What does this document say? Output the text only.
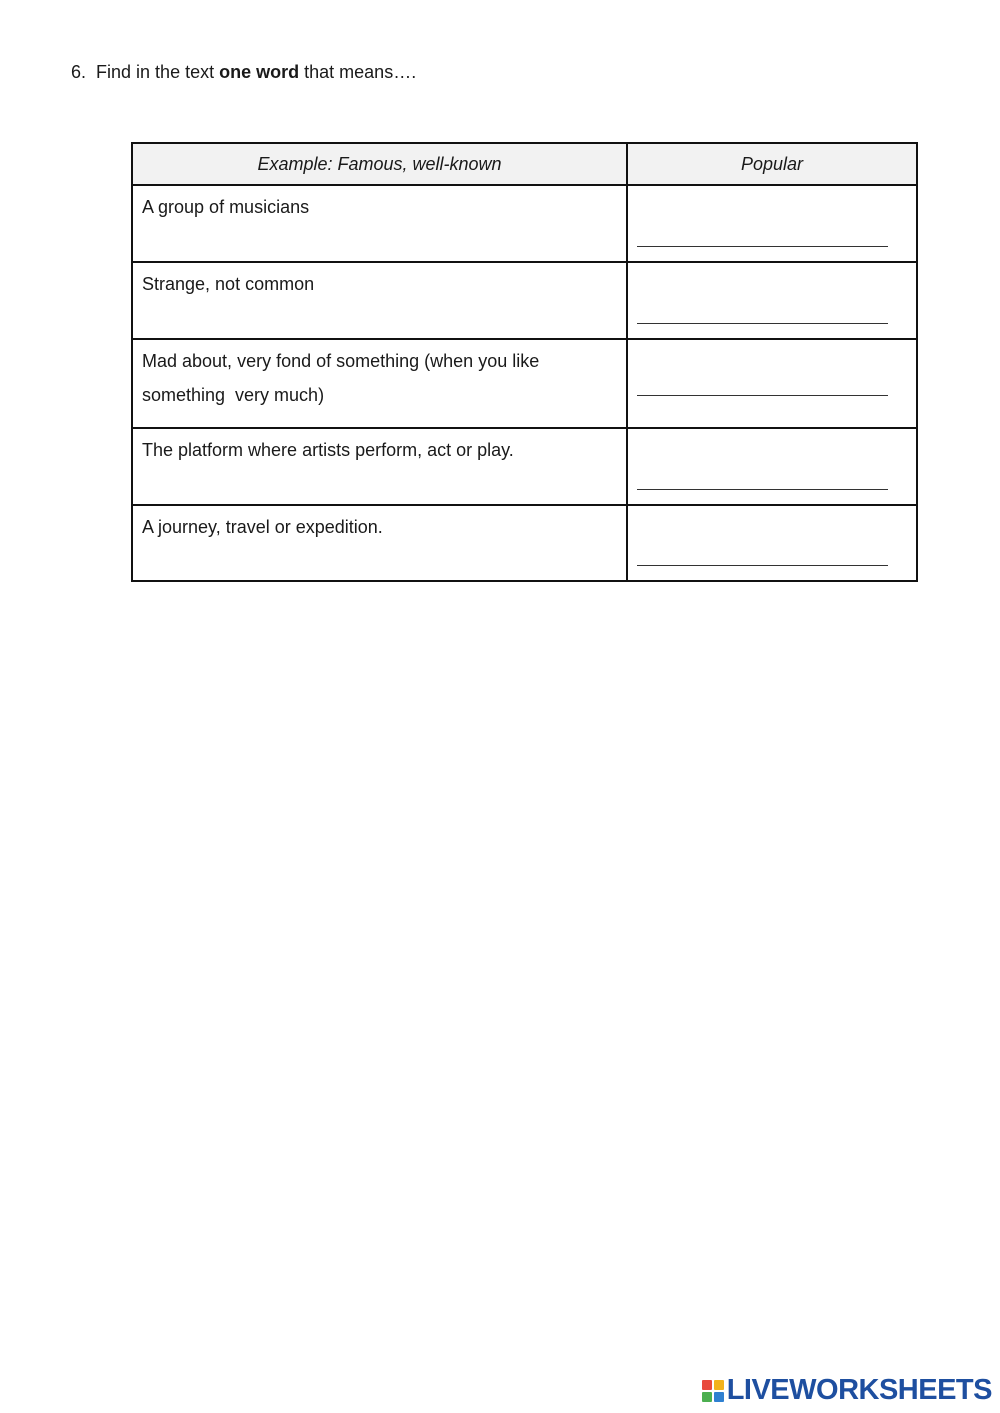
6. Find in the text one word that means….
Example: Famous, well-known	Popular

A group of musicians	

Strange, not common	

Mad about, very fond of something (when you like something  very much)	

The platform where artists perform, act or play.	

A journey, travel or expedition.	

LIVEWORKSHEETS
